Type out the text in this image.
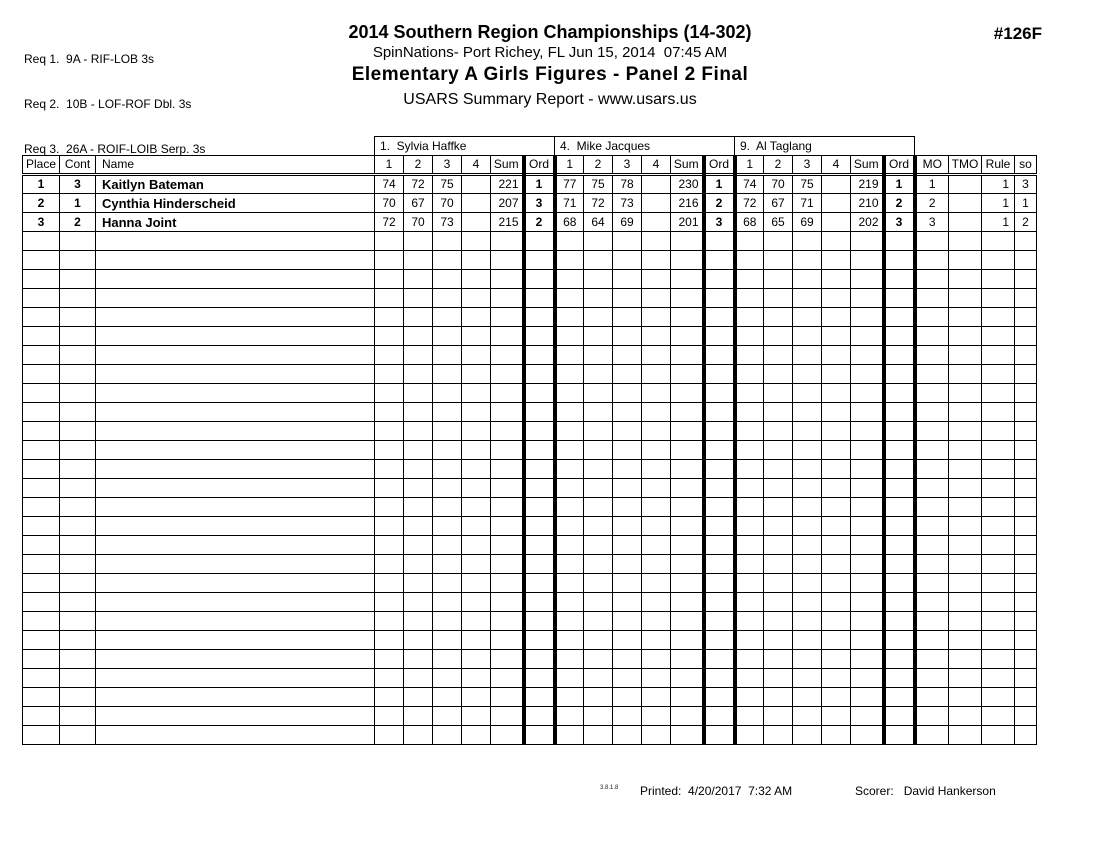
Req 1.  9A - RIF-LOB 3s

Req 2.  10B - LOF-ROF Dbl. 3s

Req 3.  26A - ROIF-LOIB Serp. 3s

2014 Southern Region Championships (14-302)
SpinNations- Port Richey, FL Jun 15, 2014  07:45 AM
Elementary A Girls Figures - Panel 2 Final
USARS Summary Report - www.usars.us
#126F
			1.  Sylvia Haffke						4.  Mike Jacques						9.  Al Taglang									
Place	Cont	Name	1	2	3	4	Sum	Ord	1	2	3	4	Sum	Ord	1	2	3	4	Sum	Ord	MO	TMO	Rule	so
1	3	Kaitlyn Bateman	74	72	75		221	1	77	75	78		230	1	74	70	75		219	1	1		1	3
2	1	Cynthia Hinderscheid	70	67	70		207	3	71	72	73		216	2	72	67	71		210	2	2		1	1
3	2	Hanna Joint	72	70	73		215	2	68	64	69		201	3	68	65	69		202	3	3		1	2

3.8.1.8 Printed: 4/20/2017  7:32 AM	Scorer: David Hankerson
